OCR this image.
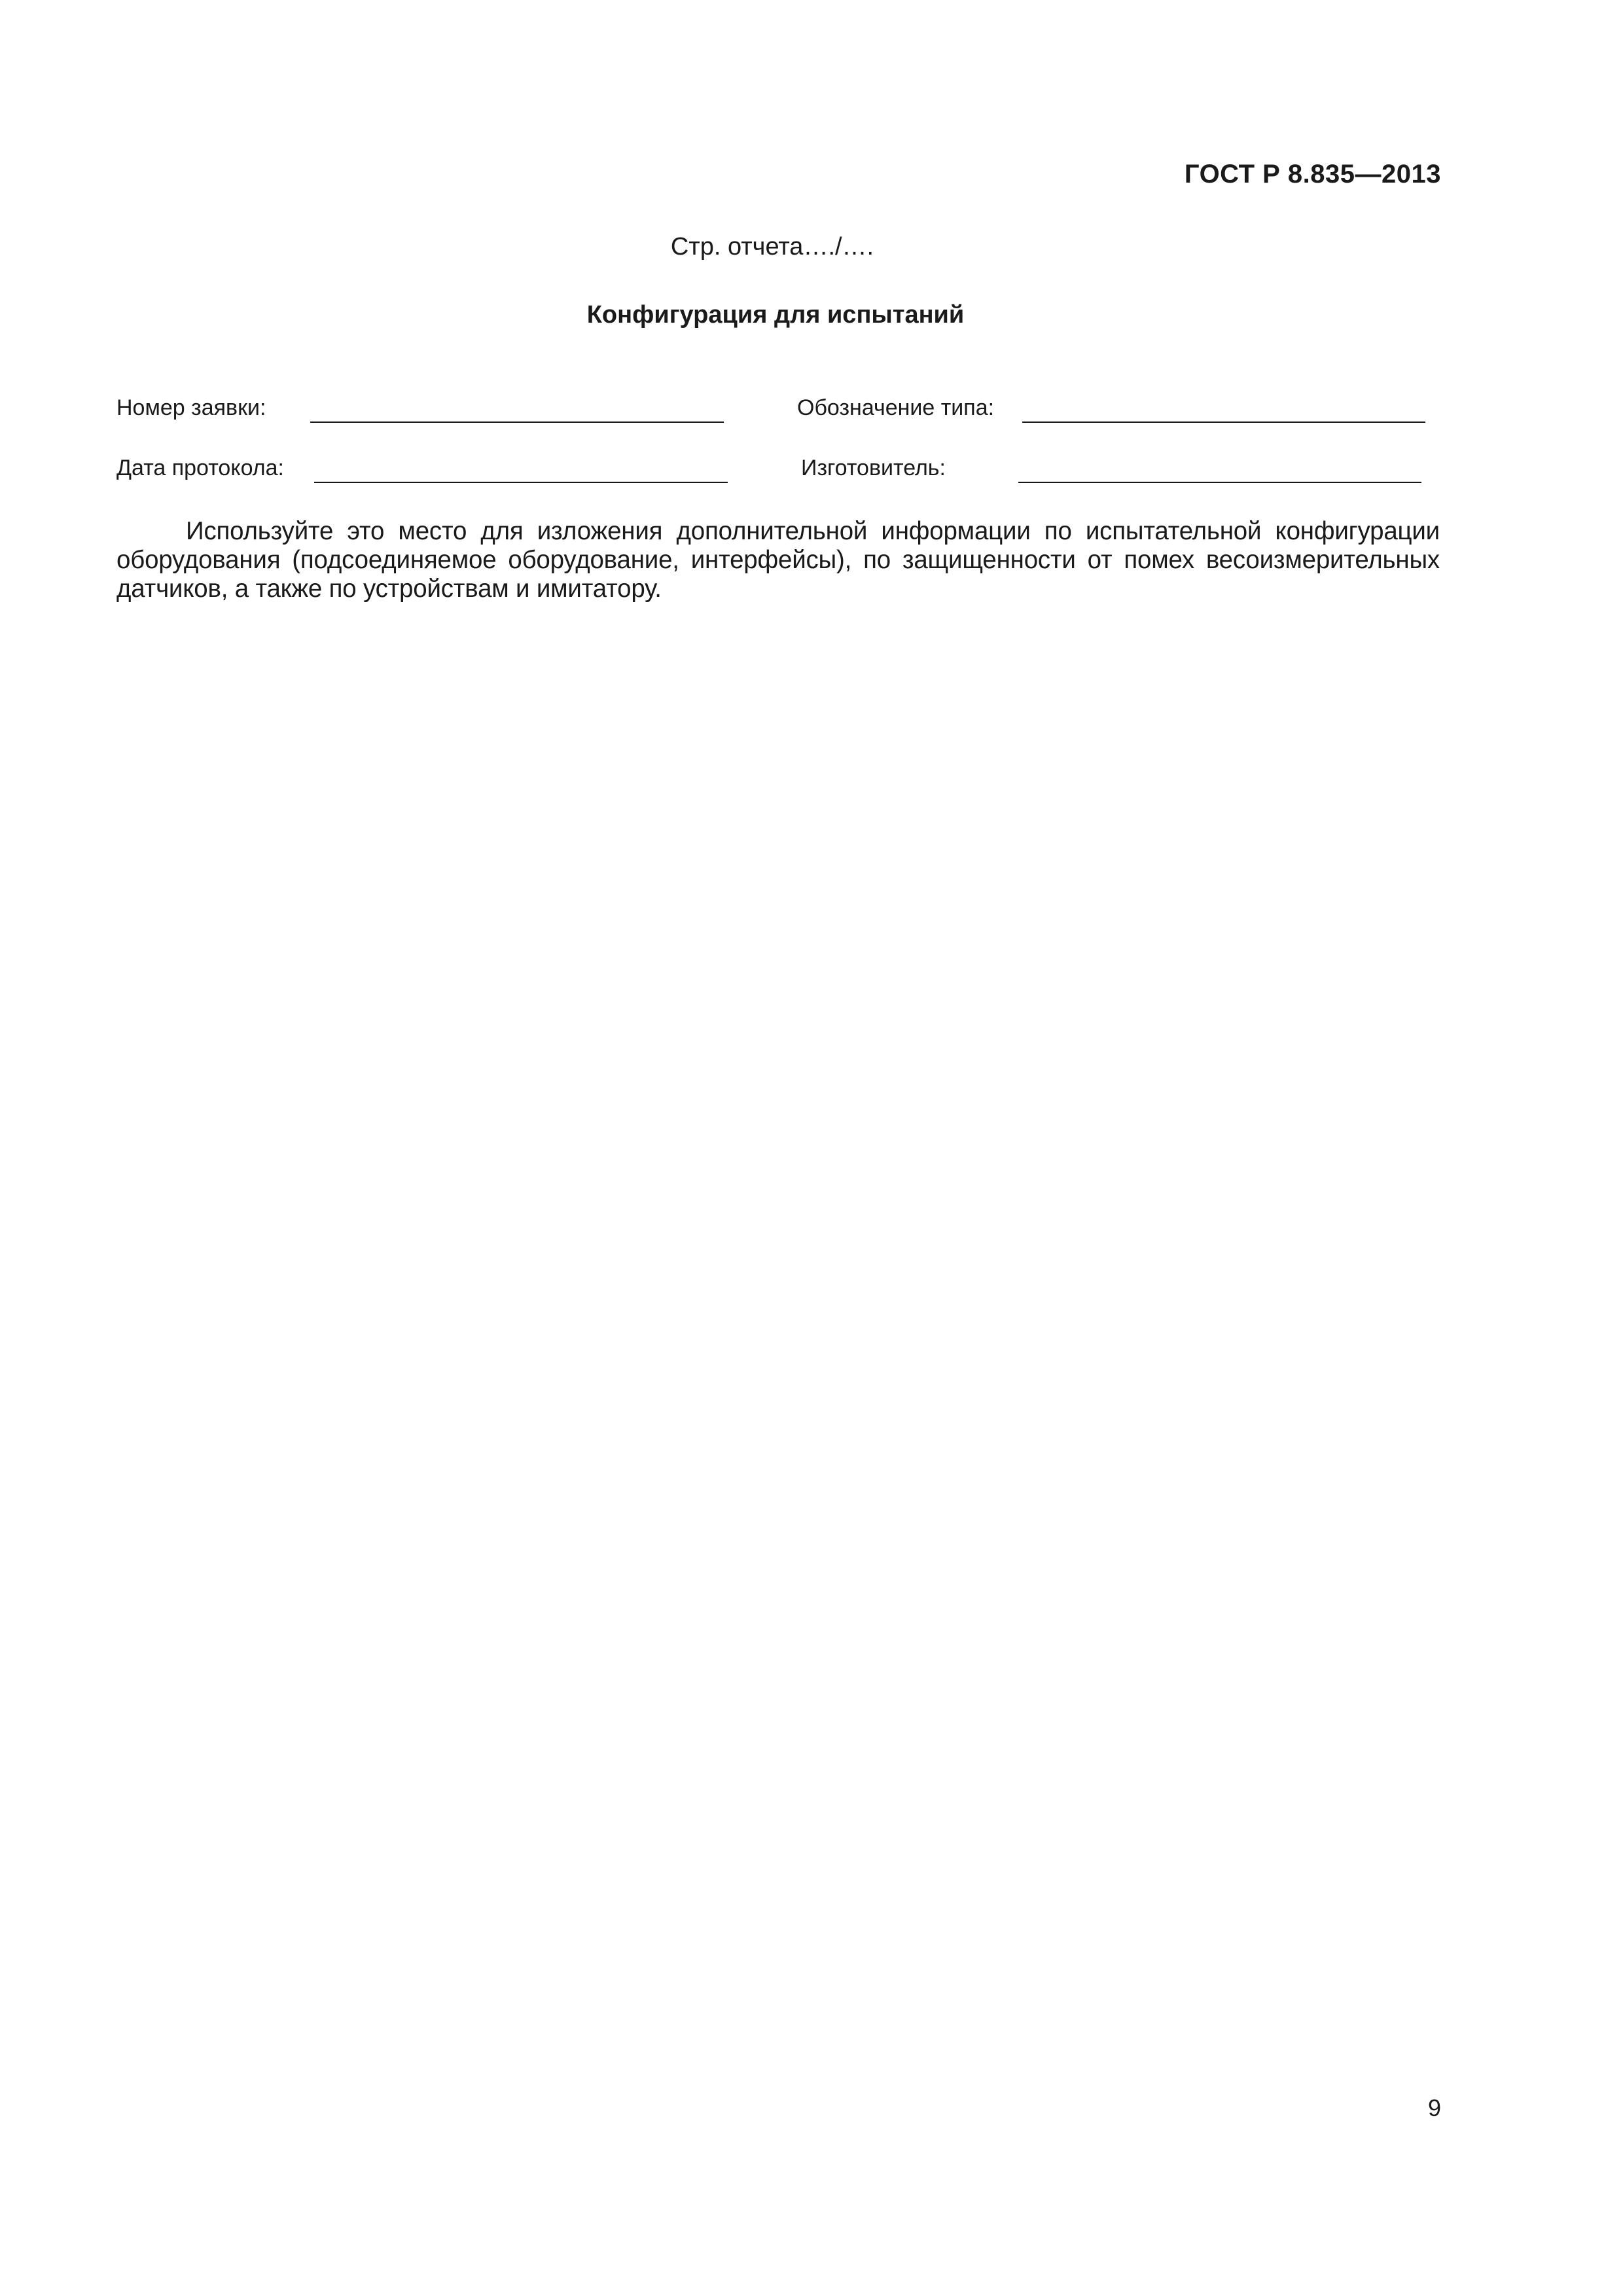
ГОСТ Р 8.835—2013
Стр. отчета…./….
Конфигурация для испытаний
Номер заявки:	Обозначение типа:
Дата протокола:	Изготовитель:
Используйте это место для изложения дополнительной информации по испытательной конфигурации оборудования (подсоединяемое оборудование, интерфейсы), по защищенности от помех весоизмерительных датчиков, а также по устройствам и имитатору.
9
